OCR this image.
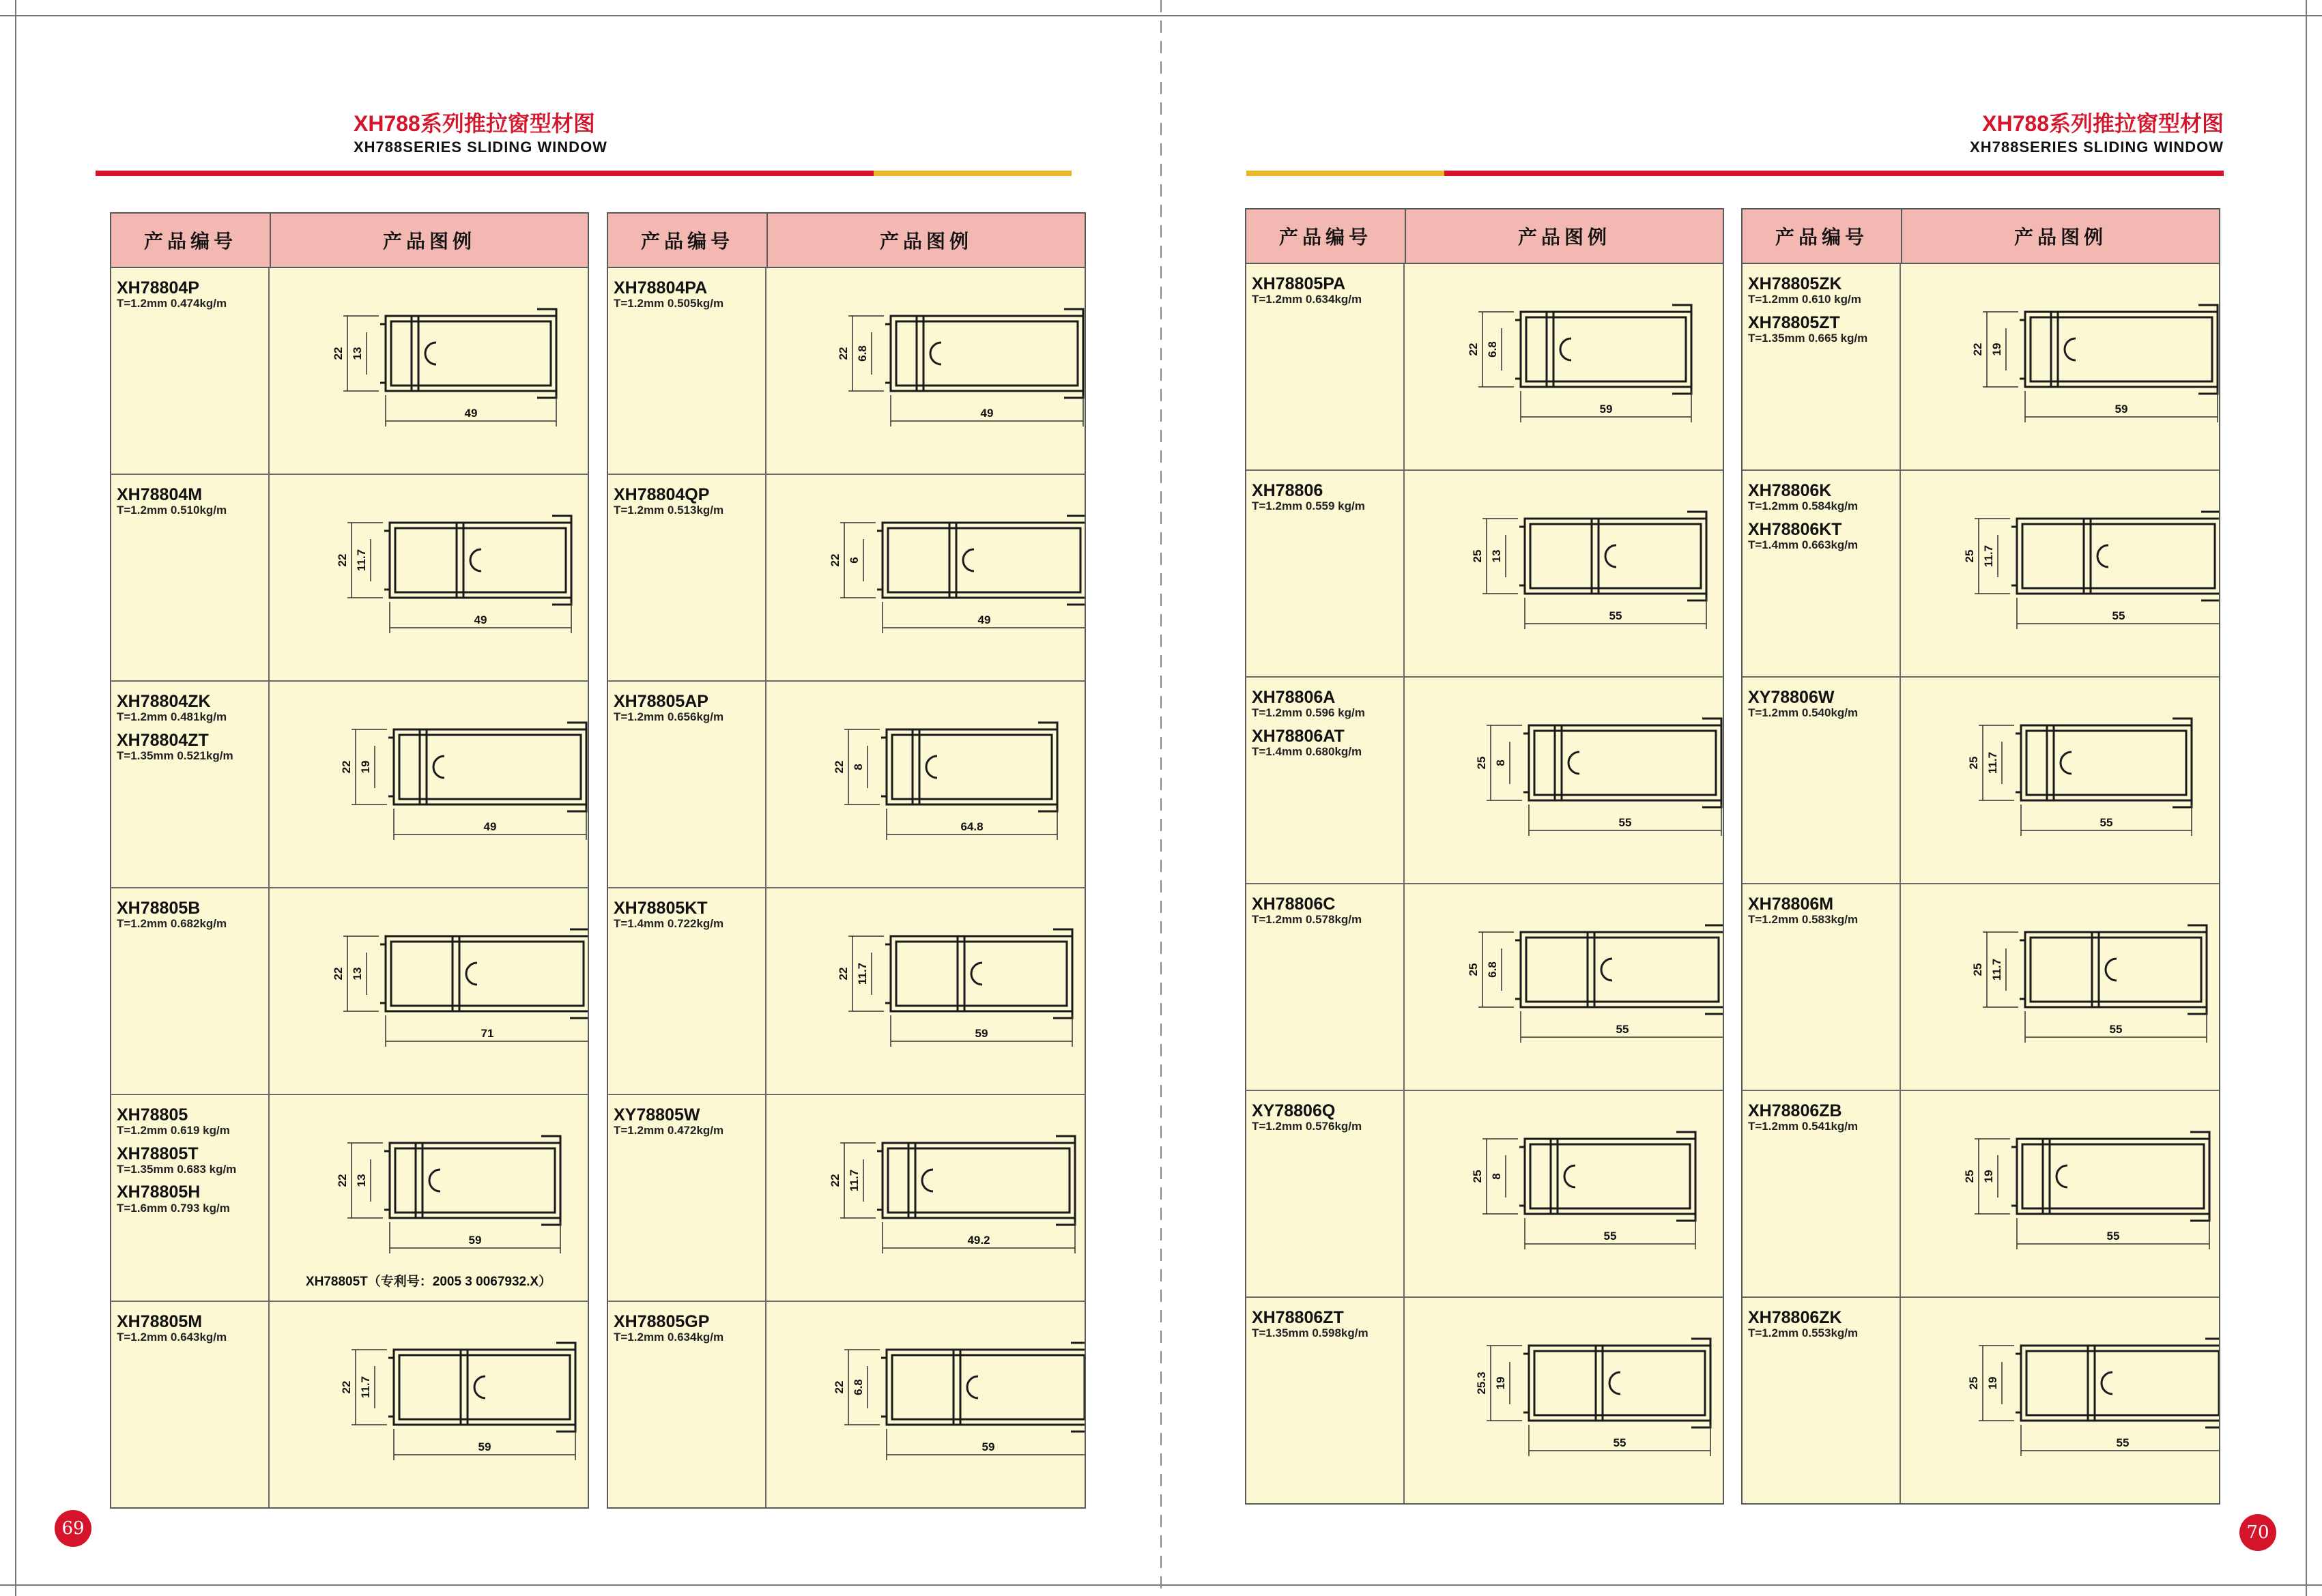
XH788系列推拉窗型材图
XH788SERIES SLIDING WINDOW
XH788系列推拉窗型材图
XH788SERIES SLIDING WINDOW
产品编号	产品图例
XH78804P
T=1.2mm 0.474kg/m
49
22 13
XH78804M
T=1.2mm 0.510kg/m
49
22 11.7
XH78804ZK
T=1.2mm 0.481kg/m
XH78804ZT
T=1.35mm 0.521kg/m
49
22 19
XH78805B
T=1.2mm 0.682kg/m
71
22 13
XH78805
T=1.2mm 0.619 kg/m
XH78805T
T=1.35mm 0.683 kg/m
XH78805H
T=1.6mm 0.793 kg/m
59
22 13
XH78805T（专利号：2005 3 0067932.X）
XH78805M
T=1.2mm 0.643kg/m
59
22 11.7
产品编号	产品图例
XH78804PA
T=1.2mm 0.505kg/m
49
22 6.8
XH78804QP
T=1.2mm 0.513kg/m
49
22 6
XH78805AP
T=1.2mm 0.656kg/m
64.8
22 8
XH78805KT
T=1.4mm 0.722kg/m
59
22 11.7
XY78805W
T=1.2mm 0.472kg/m
49.2
22 11.7
XH78805GP
T=1.2mm 0.634kg/m
59
22 6.8
产品编号	产品图例
XH78805PA
T=1.2mm 0.634kg/m
59
22 6.8
XH78806
T=1.2mm 0.559 kg/m
55
25 13
XH78806A
T=1.2mm 0.596 kg/m
XH78806AT
T=1.4mm 0.680kg/m
55
25 8
XH78806C
T=1.2mm 0.578kg/m
55
25 6.8
XY78806Q
T=1.2mm 0.576kg/m
55
25 8
XH78806ZT
T=1.35mm 0.598kg/m
55
25.3 19
产品编号	产品图例
XH78805ZK
T=1.2mm 0.610 kg/m
XH78805ZT
T=1.35mm 0.665 kg/m
59
22 19
XH78806K
T=1.2mm 0.584kg/m
XH78806KT
T=1.4mm 0.663kg/m
55
25 11.7
XY78806W
T=1.2mm 0.540kg/m
55
25 11.7
XH78806M
T=1.2mm 0.583kg/m
55
25 11.7
XH78806ZB
T=1.2mm 0.541kg/m
55
25 19
XH78806ZK
T=1.2mm 0.553kg/m
55
25 19
69	70
